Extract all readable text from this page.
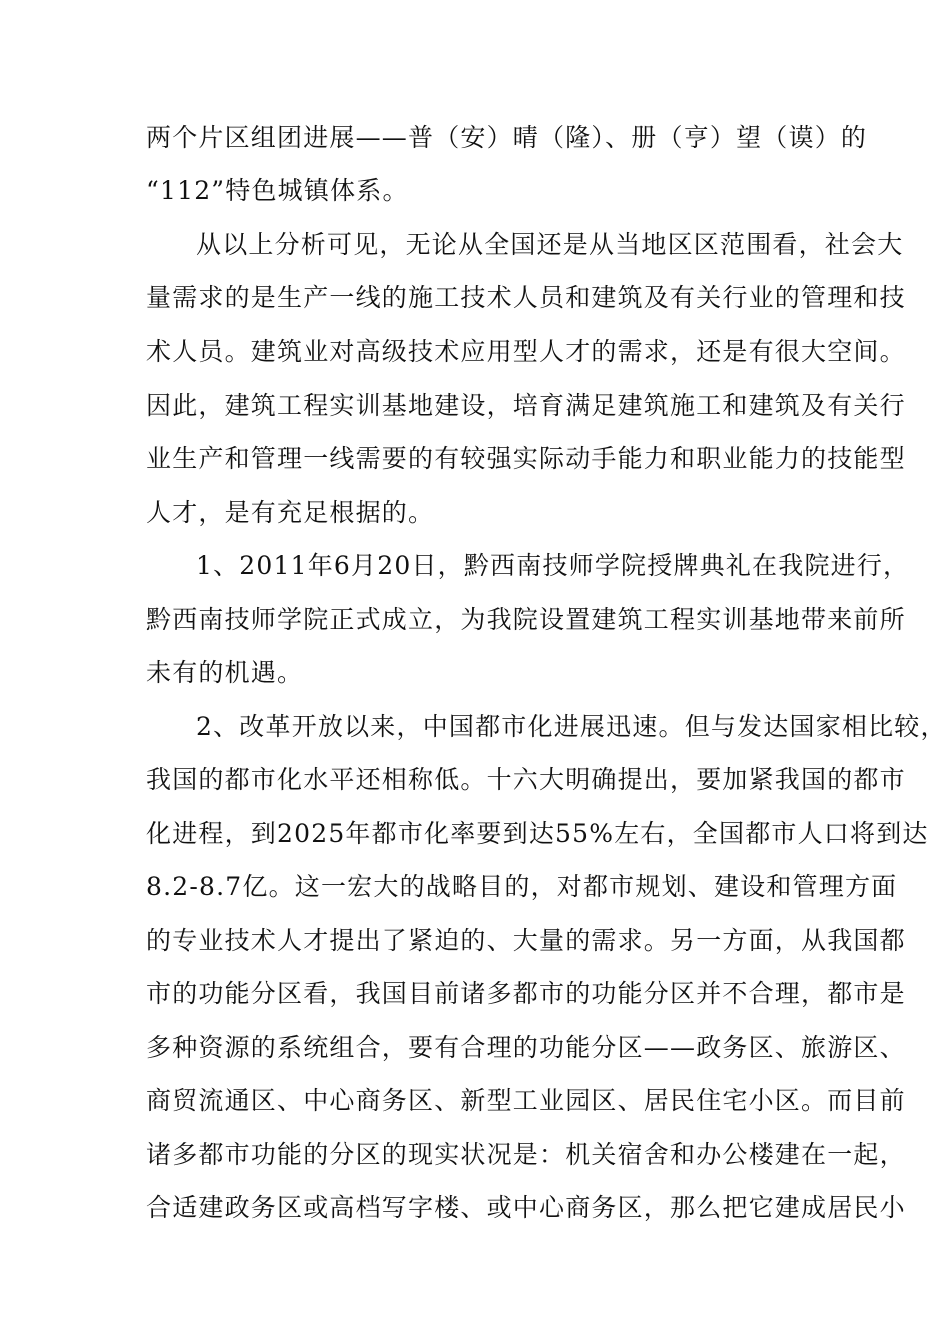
两个片区组团进展——普（安）晴（隆）、册（亨）望（谟）的
“112”特色城镇体系。
从以上分析可见，无论从全国还是从当地区区范围看，社会大
量需求的是生产一线的施工技术人员和建筑及有关行业的管理和技
术人员。建筑业对高级技术应用型人才的需求，还是有很大空间。
因此，建筑工程实训基地建设，培育满足建筑施工和建筑及有关行
业生产和管理一线需要的有较强实际动手能力和职业能力的技能型
人才，是有充足根据的。
1、2011年6月20日，黔西南技师学院授牌典礼在我院进行，
黔西南技师学院正式成立，为我院设置建筑工程实训基地带来前所
未有的机遇。
2、改革开放以来，中国都市化进展迅速。但与发达国家相比较，
我国的都市化水平还相称低。十六大明确提出，要加紧我国的都市
化进程，到2025年都市化率要到达55%左右，全国都市人口将到达
8.2-8.7亿。这一宏大的战略目的，对都市规划、建设和管理方面
的专业技术人才提出了紧迫的、大量的需求。另一方面，从我国都
市的功能分区看，我国目前诸多都市的功能分区并不合理，都市是
多种资源的系统组合，要有合理的功能分区——政务区、旅游区、
商贸流通区、中心商务区、新型工业园区、居民住宅小区。而目前
诸多都市功能的分区的现实状况是：机关宿舍和办公楼建在一起，
合适建政务区或高档写字楼、或中心商务区，那么把它建成居民小
